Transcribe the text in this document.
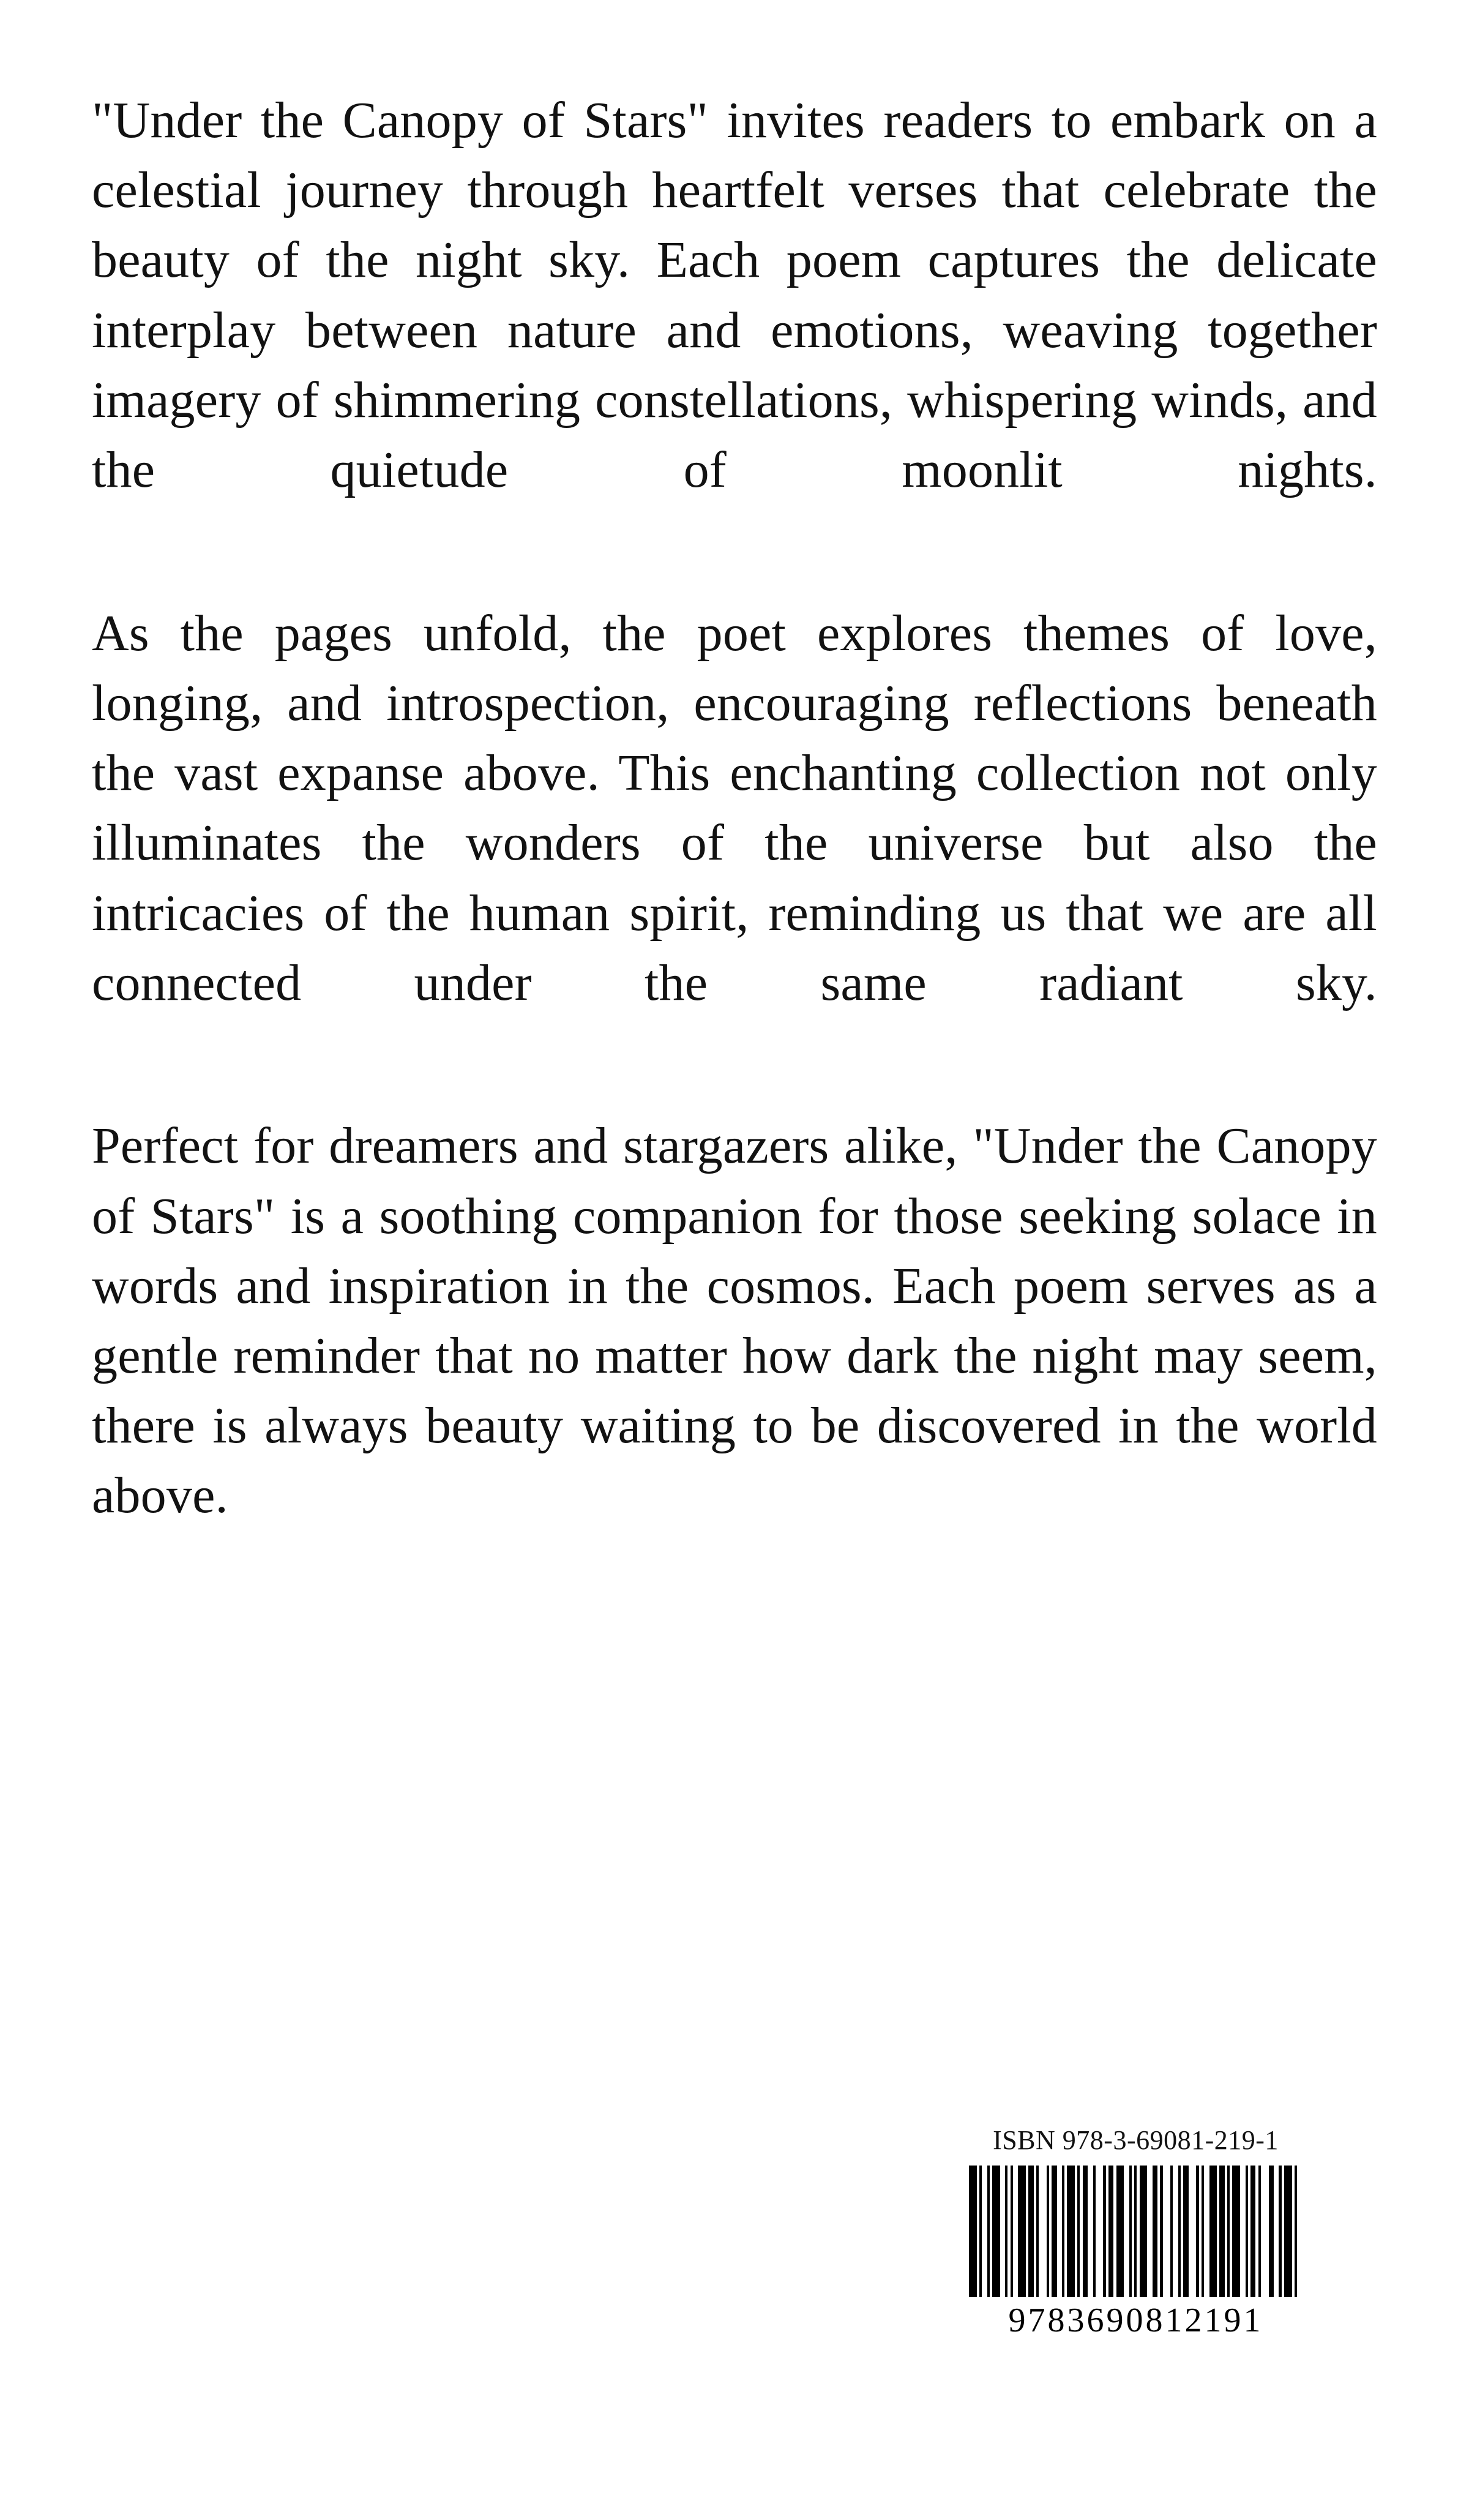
"Under the Canopy of Stars" invites readers to embark on a celestial journey through heartfelt verses that celebrate the beauty of the night sky. Each poem captures the delicate interplay between nature and emotions, weaving together imagery of shimmering constellations, whispering winds, and the quietude of moonlit nights.

As the pages unfold, the poet explores themes of love, longing, and introspection, encouraging reflections beneath the vast expanse above. This enchanting collection not only illuminates the wonders of the universe but also the intricacies of the human spirit, reminding us that we are all connected under the same radiant sky.

Perfect for dreamers and stargazers alike, "Under the Canopy of Stars" is a soothing companion for those seeking solace in words and inspiration in the cosmos. Each poem serves as a gentle reminder that no matter how dark the night may seem, there is always beauty waiting to be discovered in the world above.

ISBN 978-3-69081-219-1
9783690812191
